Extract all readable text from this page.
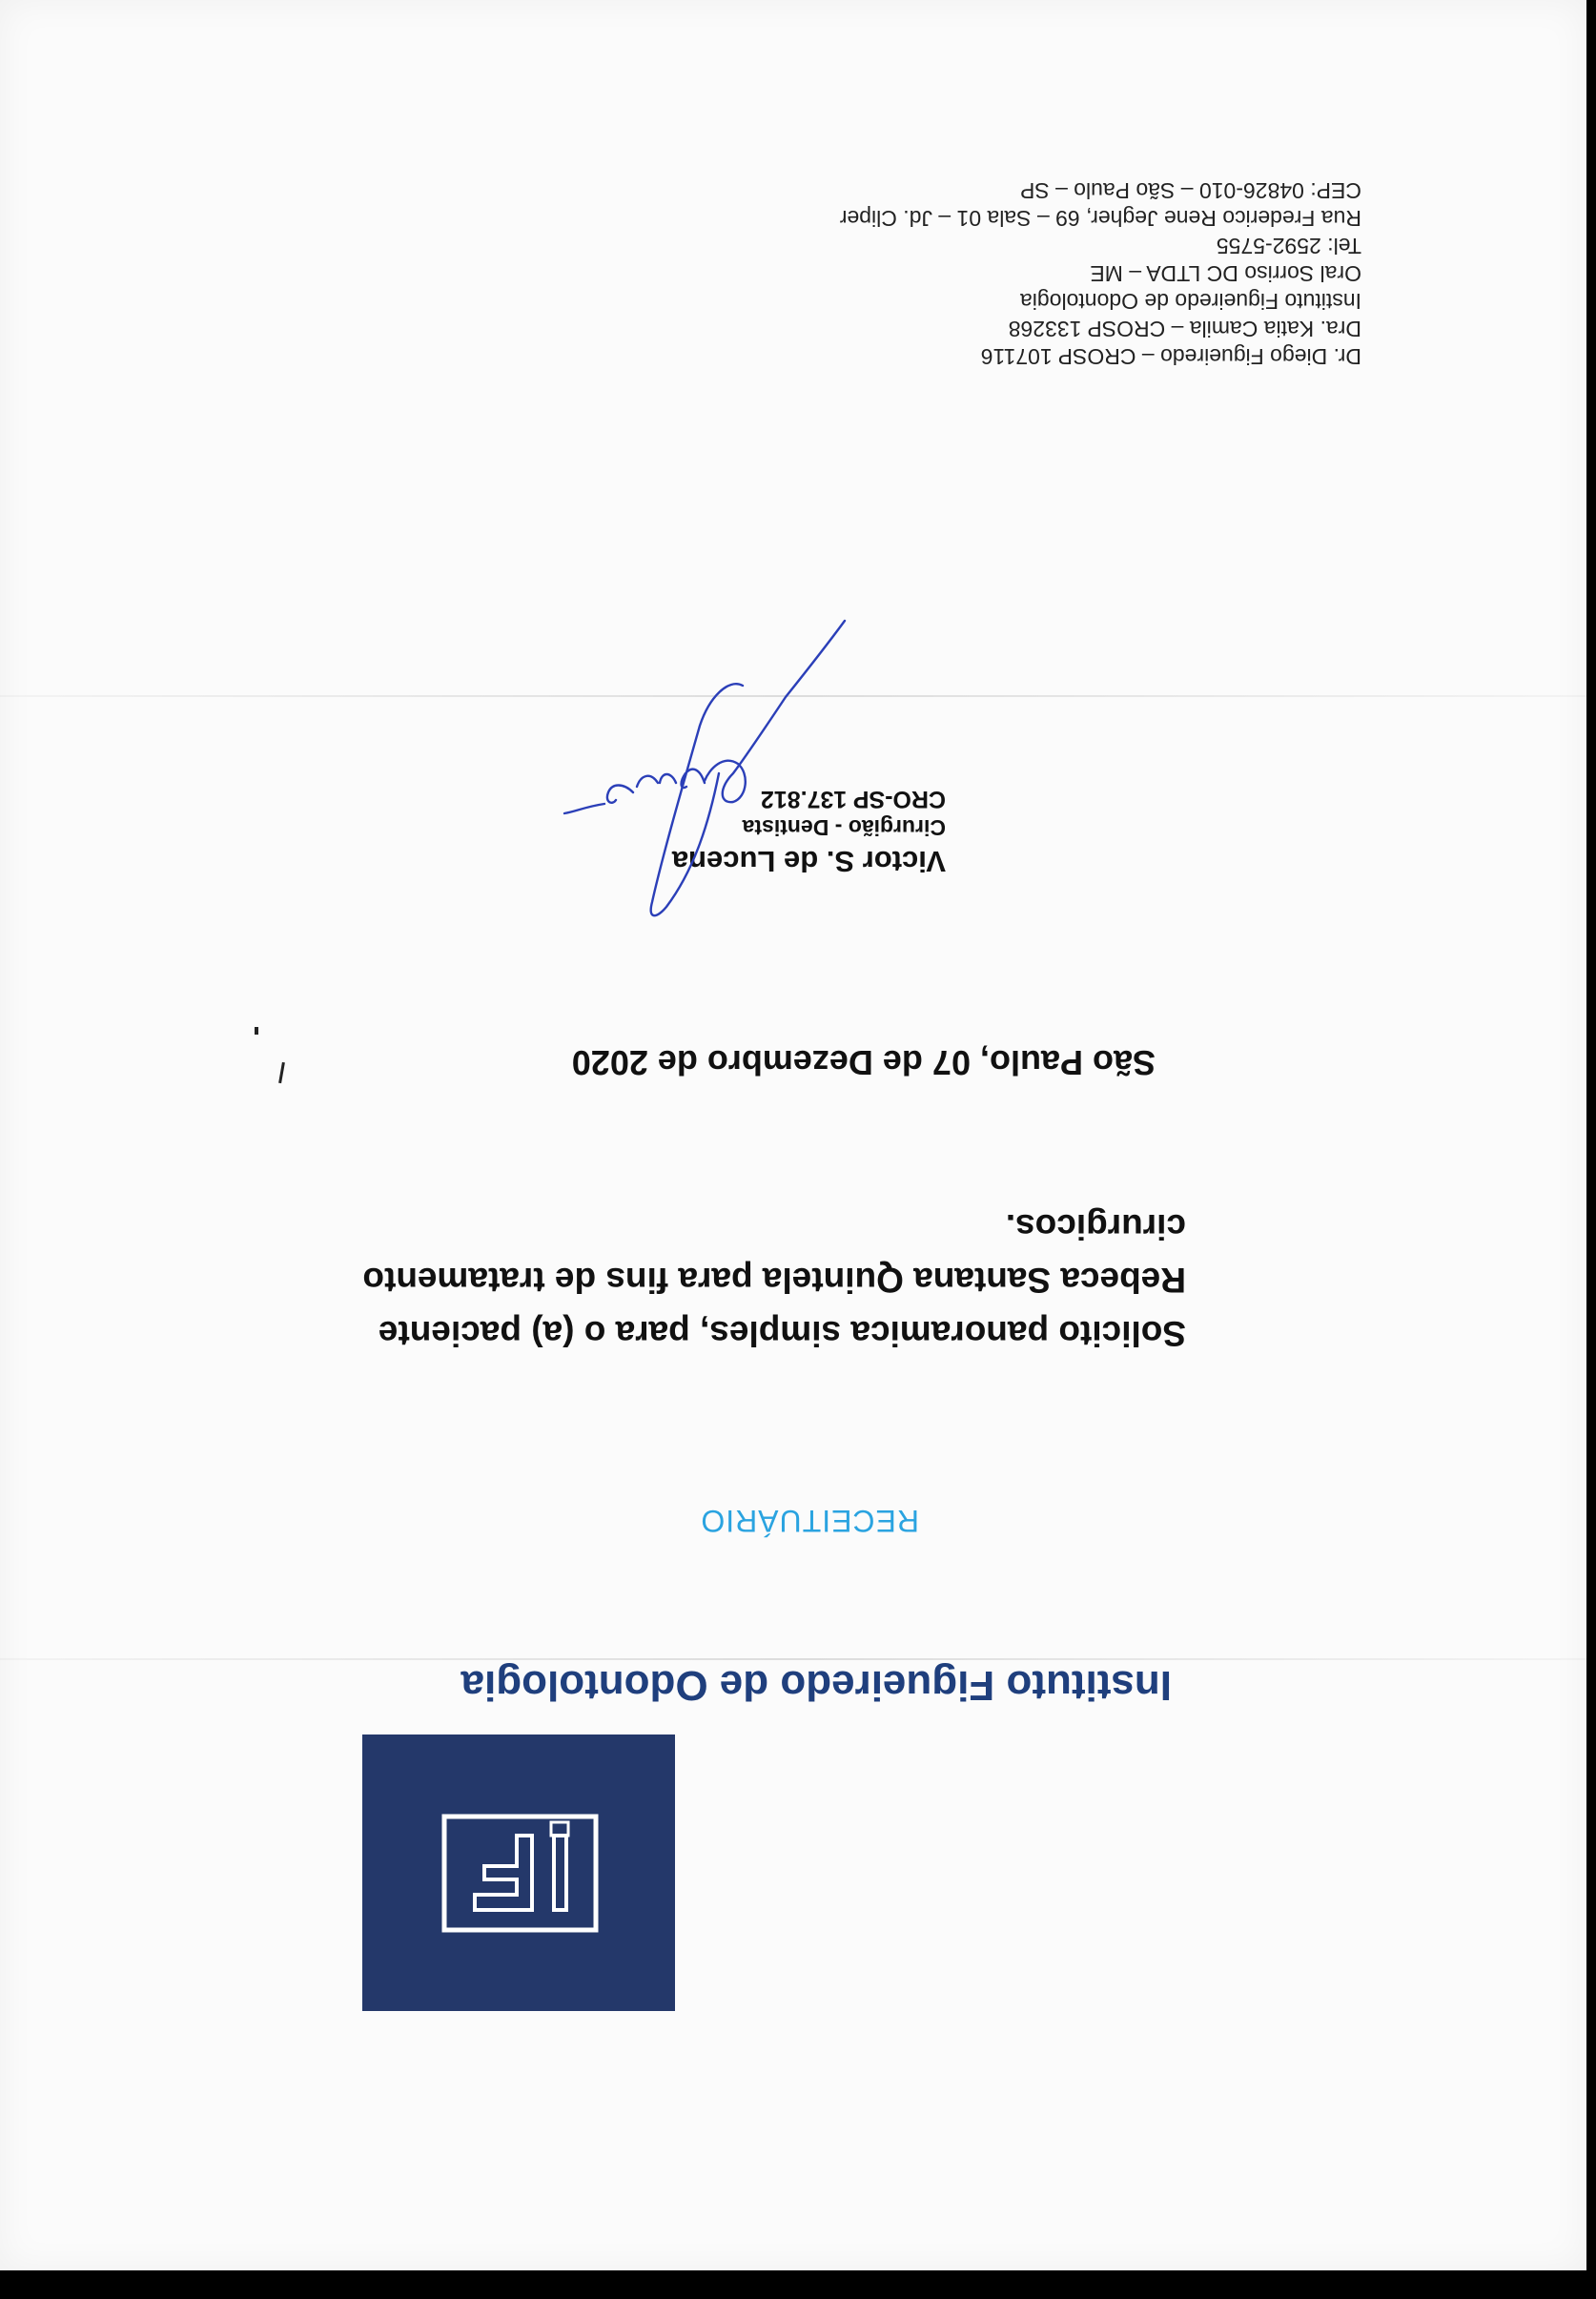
Instituto Figueiredo de Odontologia
RECEITUÁRIO
Solicito panoramica simples, para o (a) paciente Rebeca Santana Quintela para fins de tratamento cirurgicos.
São Paulo, 07 de Dezembro de 2020
Victor S. de Lucena
Cirurgião - Dentista
CRO-SP 137.812
Dr. Diego Figueiredo – CROSP 107116
Dra. Katia Camila – CROSP 133268
Instituto Figueiredo de Odontologia
Oral Sorriso DC LTDA – ME
Tel: 2592-5755
Rua Frederico Rene Jegher, 69 – Sala 01 – Jd. Cliper
CEP: 04826-010 – São Paulo – SP
